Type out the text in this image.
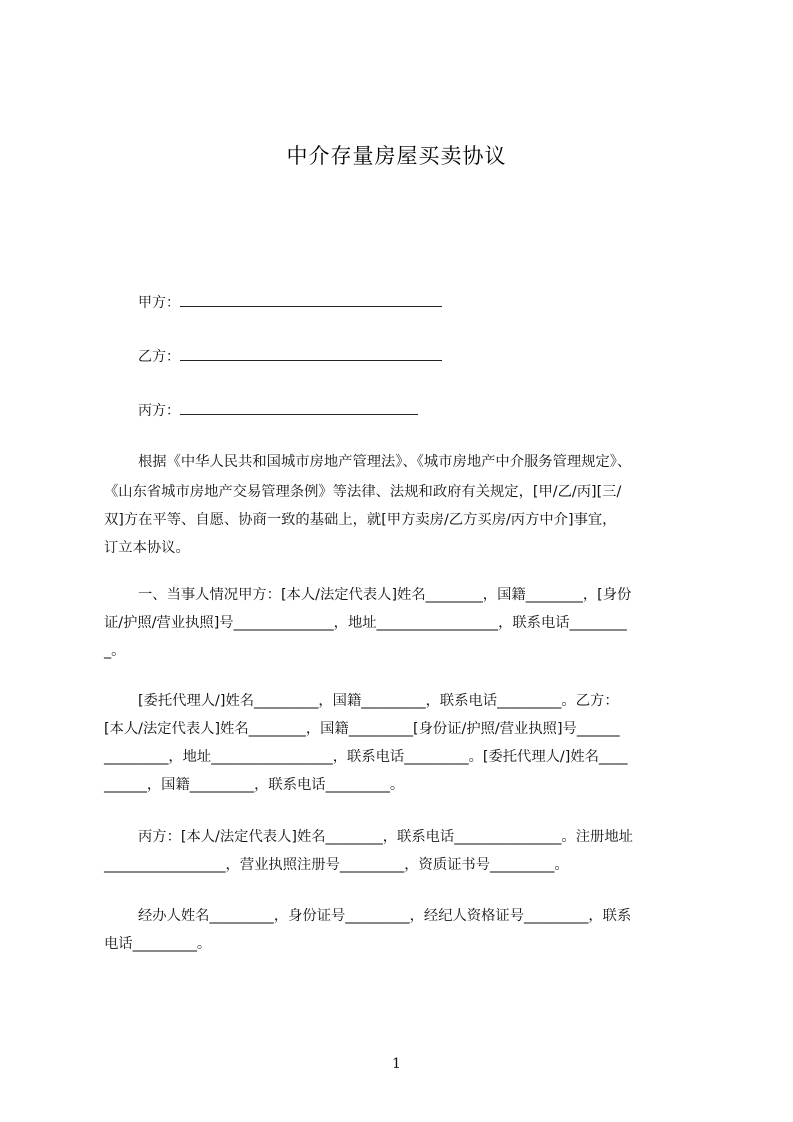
中介存量房屋买卖协议
甲方：
乙方：
丙方：
根据《中华人民共和国城市房地产管理法》、《城市房地产中介服务管理规定》、
《山东省城市房地产交易管理条例》等法律、法规和政府有关规定，[甲/乙/丙][三/
双]方在平等、自愿、协商一致的基础上，就[甲方卖房/乙方买房/丙方中介]事宜，
订立本协议。
一、当事人情况甲方：[本人/法定代表人]姓名________，国籍________，[身份
证/护照/营业执照]号______________，地址_________________，联系电话________
_。
[委托代理人/]姓名_________，国籍_________，联系电话_________。乙方：
[本人/法定代表人]姓名________，国籍_________[身份证/护照/营业执照]号______
_________，地址_________________，联系电话_________。[委托代理人/]姓名____
______，国籍_________，联系电话_________。
丙方：[本人/法定代表人]姓名________，联系电话_______________。注册地址
_________________，营业执照注册号_________，资质证书号_________。
经办人姓名_________，身份证号_________，经纪人资格证号_________，联系
电话_________。
1
